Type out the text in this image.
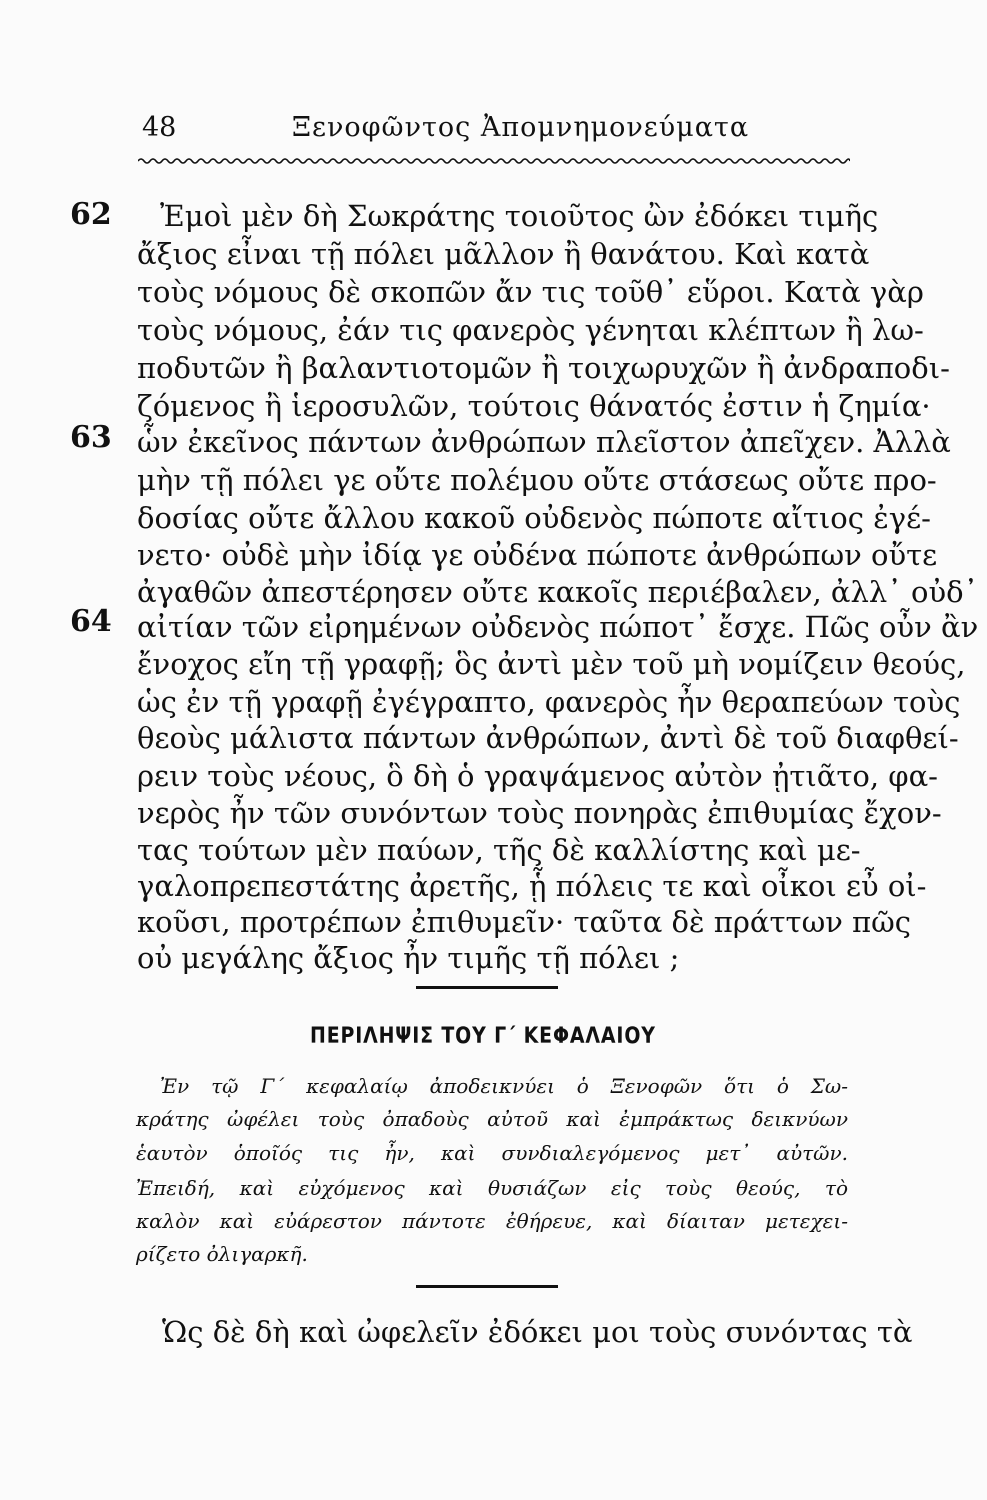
48	Ξενοφῶντος Ἀπομνημονεύματα
62
63
64
Ἐμοὶ μὲν δὴ Σωκράτης τοιοῦτος ὢν ἐδόκει τιμῆς
ἄξιος εἶναι τῇ πόλει μᾶλλον ἢ θανάτου. Καὶ κατὰ
τοὺς νόμους δὲ σκοπῶν ἄν τις τοῦθ᾽ εὕροι. Κατὰ γὰρ
τοὺς νόμους, ἐάν τις φανερὸς γένηται κλέπτων ἢ λω-
ποδυτῶν ἢ βαλαντιοτομῶν ἢ τοιχωρυχῶν ἢ ἀνδραποδι-
ζόμενος ἢ ἱεροσυλῶν, τούτοις θάνατός ἐστιν ἡ ζημία·
ὧν ἐκεῖνος πάντων ἀνθρώπων πλεῖστον ἀπεῖχεν. Ἀλλὰ
μὴν τῇ πόλει γε οὔτε πολέμου οὔτε στάσεως οὔτε προ-
δοσίας οὔτε ἄλλου κακοῦ οὐδενὸς πώποτε αἴτιος ἐγέ-
νετο· οὐδὲ μὴν ἰδίᾳ γε οὐδένα πώποτε ἀνθρώπων οὔτε
ἀγαθῶν ἀπεστέρησεν οὔτε κακοῖς περιέβαλεν, ἀλλ᾽ οὐδ᾽
αἰτίαν τῶν εἰρημένων οὐδενὸς πώποτ᾽ ἔσχε. Πῶς οὖν ἂν
ἔνοχος εἴη τῇ γραφῇ; ὃς ἀντὶ μὲν τοῦ μὴ νομίζειν θεούς,
ὡς ἐν τῇ γραφῇ ἐγέγραπτο, φανερὸς ἦν θεραπεύων τοὺς
θεοὺς μάλιστα πάντων ἀνθρώπων, ἀντὶ δὲ τοῦ διαφθεί-
ρειν τοὺς νέους, ὃ δὴ ὁ γραψάμενος αὐτὸν ᾐτιᾶτο, φα-
νερὸς ἦν τῶν συνόντων τοὺς πονηρὰς ἐπιθυμίας ἔχον-
τας τούτων μὲν παύων, τῆς δὲ καλλίστης καὶ με-
γαλοπρεπεστάτης ἀρετῆς, ᾗ πόλεις τε καὶ οἶκοι εὖ οἰ-
κοῦσι, προτρέπων ἐπιθυμεῖν· ταῦτα δὲ πράττων πῶς
οὐ μεγάλης ἄξιος ἦν τιμῆς τῇ πόλει ;
ΠΕΡΙΛΗΨΙΣ ΤΟΥ Γ΄ ΚΕΦΑΛΑΙΟΥ
Ἐν τῷ Γ΄ κεφαλαίῳ ἀποδεικνύει ὁ Ξενοφῶν ὅτι ὁ Σω-
κράτης ὠφέλει τοὺς ὀπαδοὺς αὐτοῦ καὶ ἐμπράκτως δεικνύων
ἑαυτὸν ὁποῖός τις ἦν, καὶ συνδιαλεγόμενος μετ᾽ αὐτῶν.
Ἐπειδή, καὶ εὐχόμενος καὶ θυσιάζων εἰς τοὺς θεούς, τὸ
καλὸν καὶ εὐάρεστον πάντοτε ἐθήρευε, καὶ δίαιταν μετεχει-
ρίζετο ὀλιγαρκῆ.
Ὡς δὲ δὴ καὶ ὠφελεῖν ἐδόκει μοι τοὺς συνόντας τὰ
